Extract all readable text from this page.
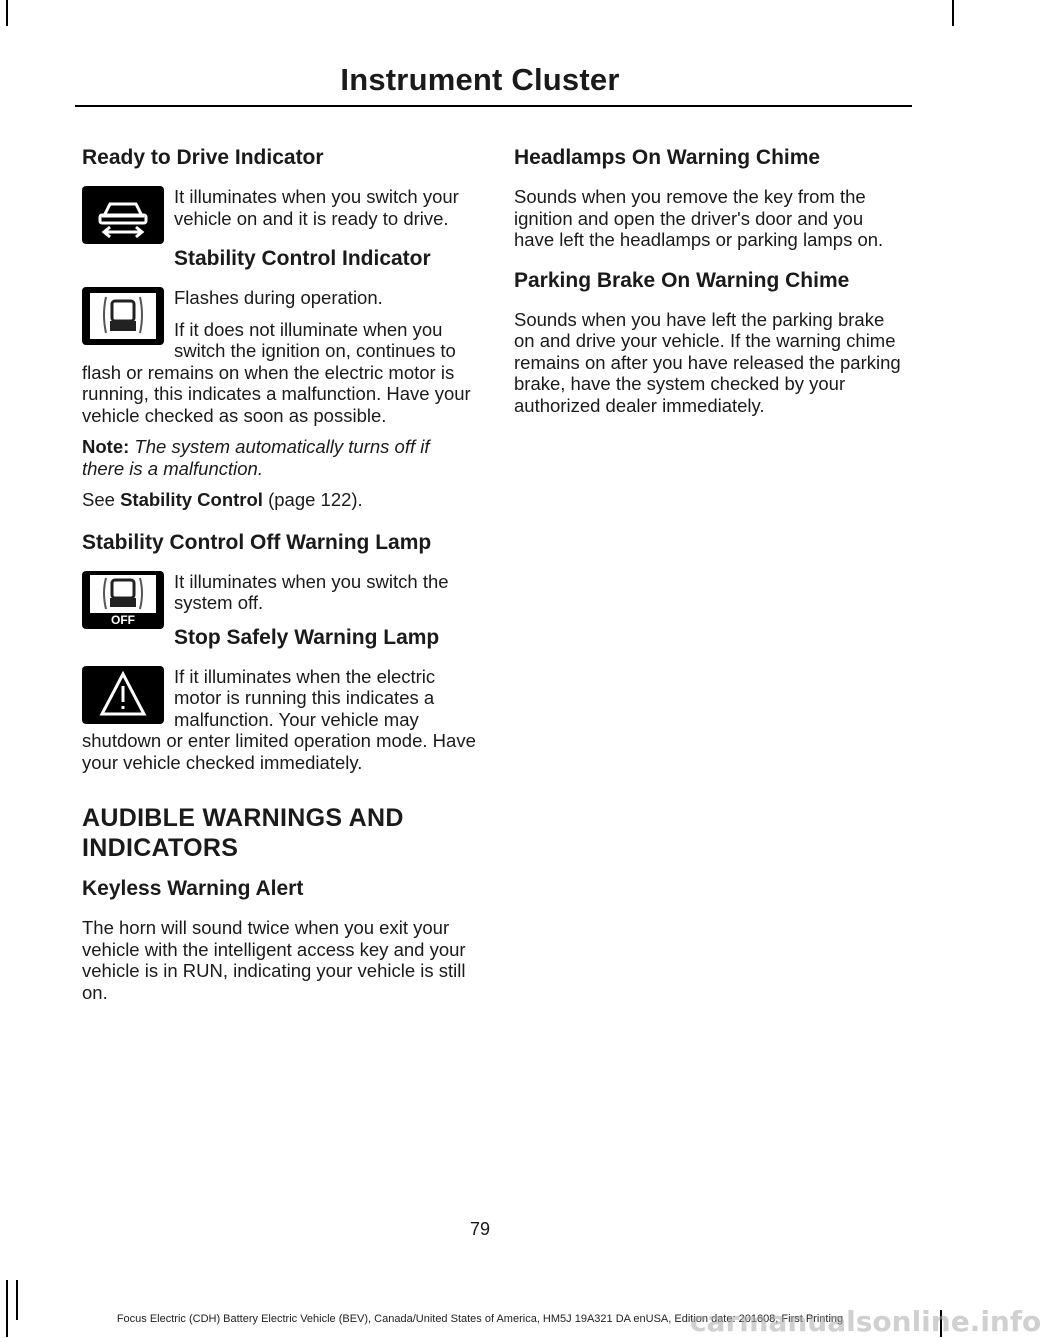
Instrument Cluster
Ready to Drive Indicator

It illuminates when you switch your vehicle on and it is ready to drive.

Stability Control Indicator

Flashes during operation.

If it does not illuminate when you switch the ignition on, continues to flash or remains on when the electric motor is running, this indicates a malfunction. Have your vehicle checked as soon as possible.

Note: The system automatically turns off if there is a malfunction.

See Stability Control (page 122).

Stability Control Off Warning Lamp
OFF

It illuminates when you switch the system off.

Stop Safely Warning Lamp

If it illuminates when the electric motor is running this indicates a malfunction. Your vehicle may shutdown or enter limited operation mode. Have your vehicle checked immediately.

AUDIBLE WARNINGS AND INDICATORS
Keyless Warning Alert

The horn will sound twice when you exit your vehicle with the intelligent access key and your vehicle is in RUN, indicating your vehicle is still on.

Headlamps On Warning Chime

Sounds when you remove the key from the ignition and open the driver's door and you have left the headlamps or parking lamps on.

Parking Brake On Warning Chime

Sounds when you have left the parking brake on and drive your vehicle. If the warning chime remains on after you have released the parking brake, have the system checked by your authorized dealer immediately.

79
Focus Electric (CDH) Battery Electric Vehicle (BEV), Canada/United States of America, HM5J 19A321 DA enUSA, Edition date: 201608, First Printing
carmanualsonline.info
